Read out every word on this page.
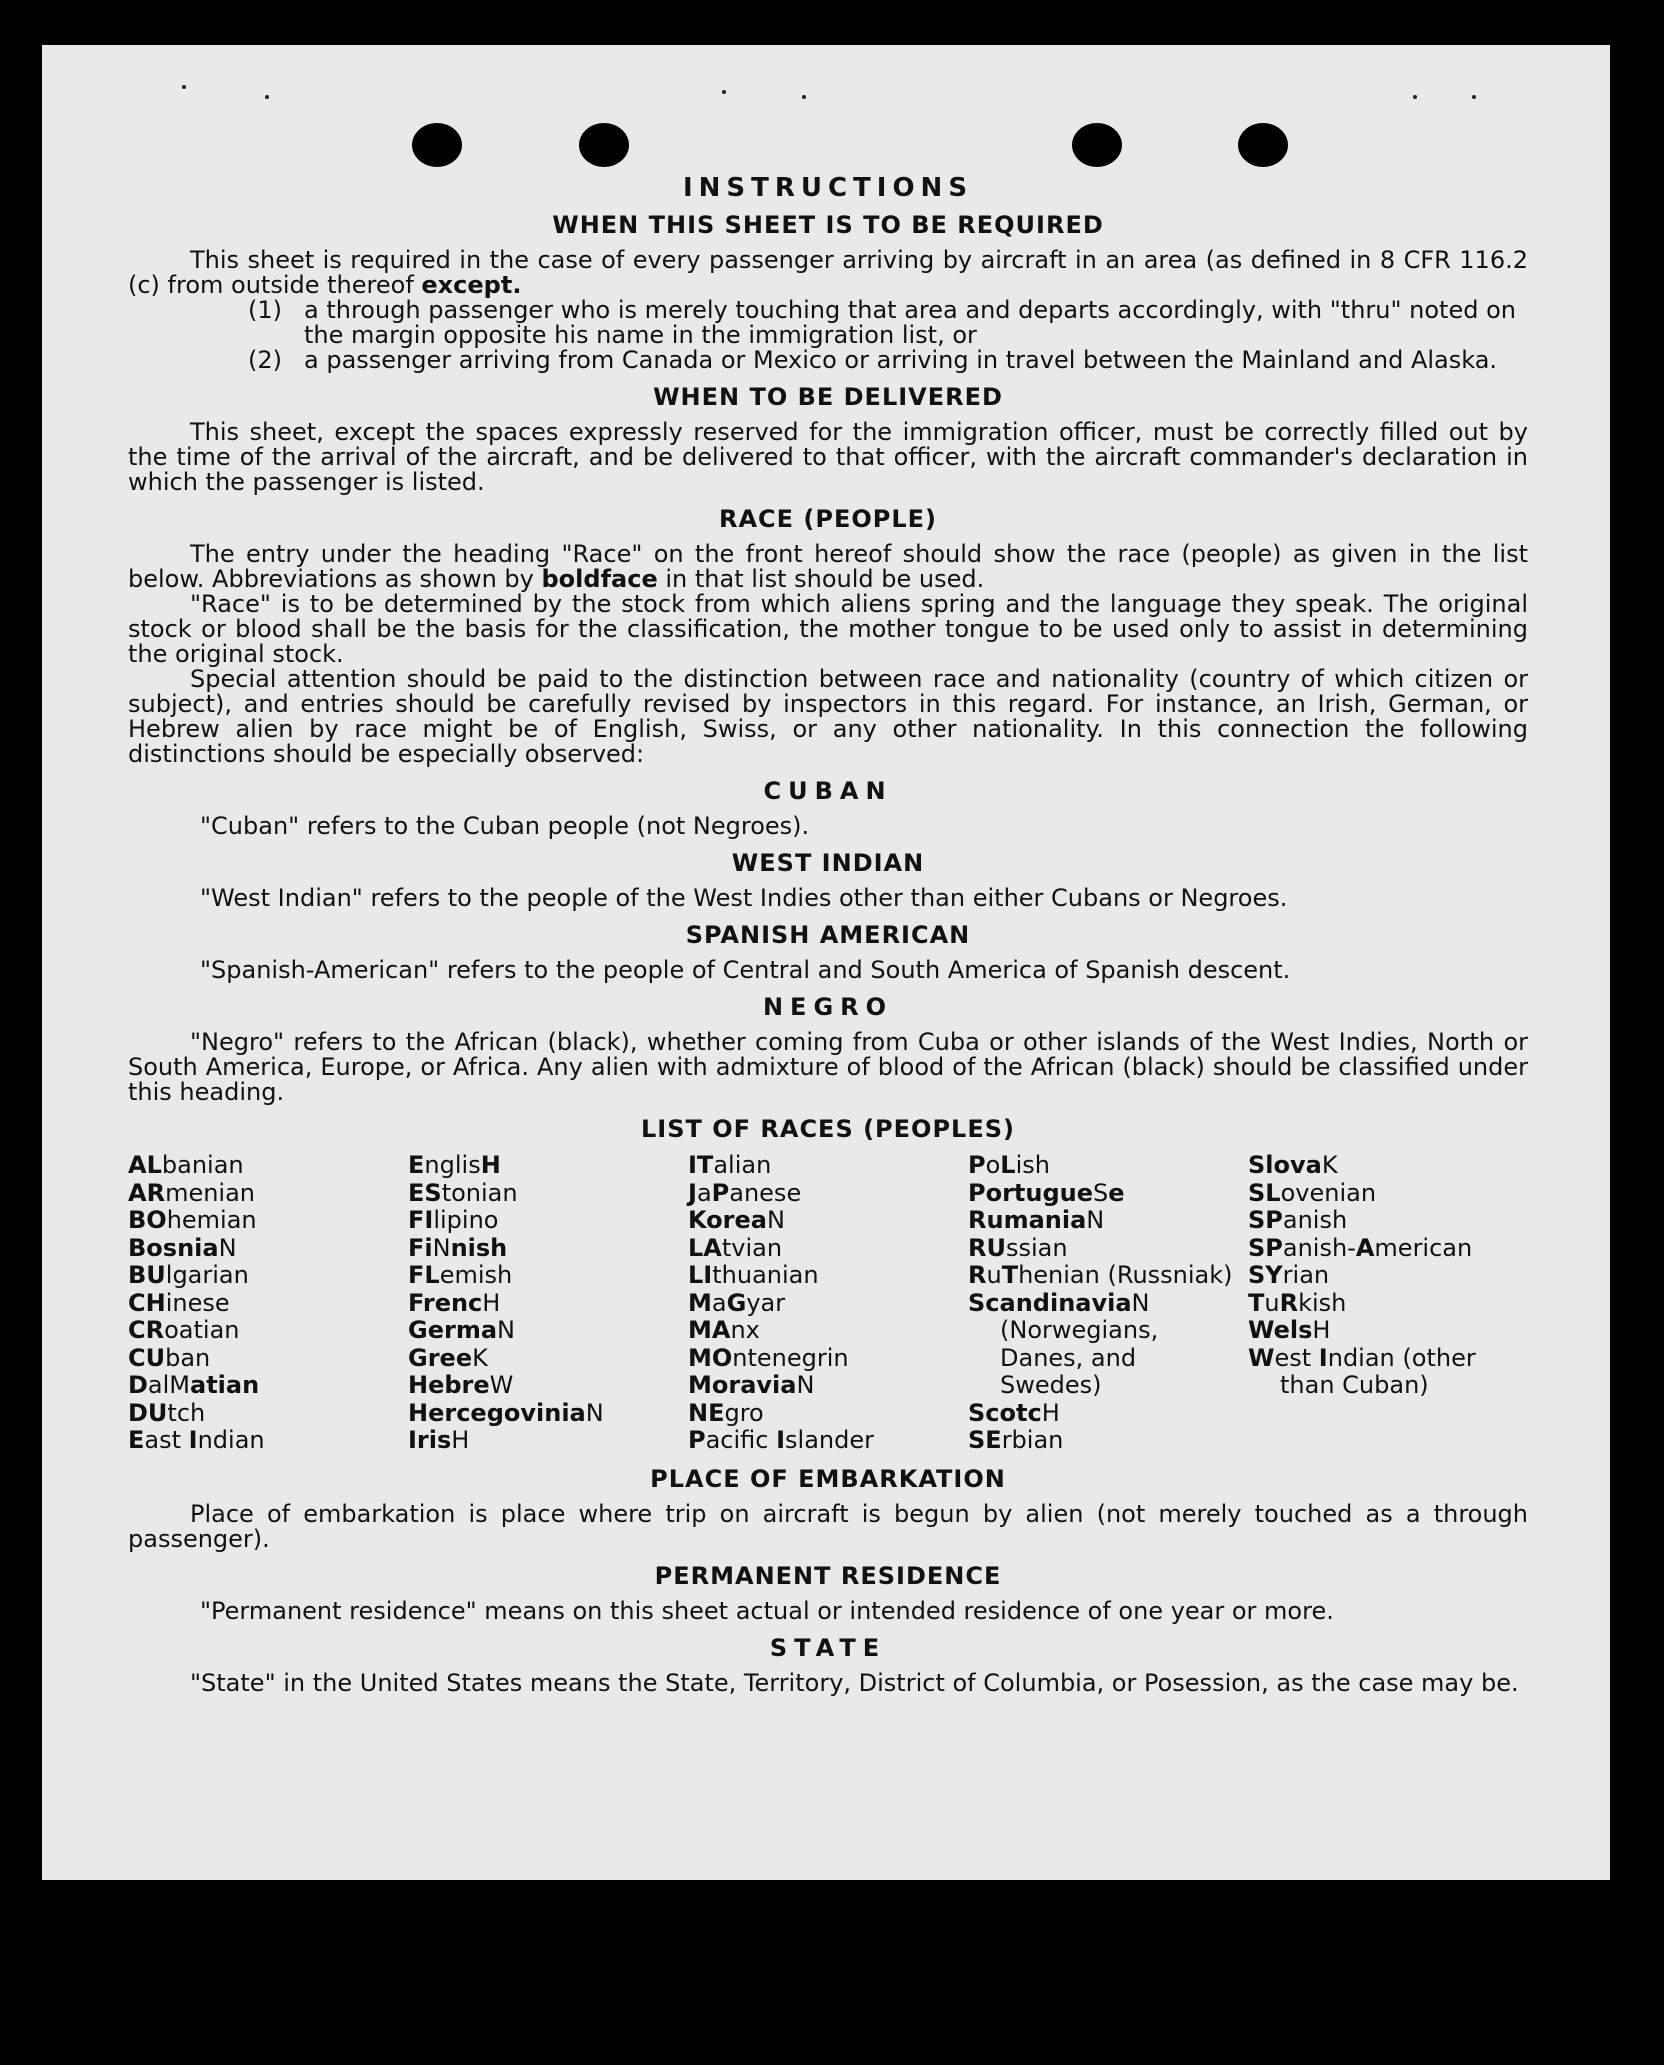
INSTRUCTIONS
WHEN THIS SHEET IS TO BE REQUIRED

This sheet is required in the case of every passenger arriving by aircraft in an area (as defined in 8 CFR 116.2 (c) from outside thereof except.

(1) a through passenger who is merely touching that area and departs accordingly, with "thru" noted on the margin opposite his name in the immigration list, or
(2) a passenger arriving from Canada or Mexico or arriving in travel between the Mainland and Alaska.
WHEN TO BE DELIVERED

This sheet, except the spaces expressly reserved for the immigration officer, must be correctly filled out by the time of the arrival of the aircraft, and be delivered to that officer, with the aircraft commander's declaration in which the passenger is listed.

RACE (PEOPLE)

The entry under the heading "Race" on the front hereof should show the race (people) as given in the list below. Abbreviations as shown by boldface in that list should be used.

"Race" is to be determined by the stock from which aliens spring and the language they speak. The original stock or blood shall be the basis for the classification, the mother tongue to be used only to assist in determining the original stock.

Special attention should be paid to the distinction between race and nationality (country of which citizen or subject), and entries should be carefully revised by inspectors in this regard. For instance, an Irish, German, or Hebrew alien by race might be of English, Swiss, or any other nationality. In this connection the following distinctions should be especially observed:

CUBAN

"Cuban" refers to the Cuban people (not Negroes).

WEST INDIAN

"West Indian" refers to the people of the West Indies other than either Cubans or Negroes.

SPANISH AMERICAN

"Spanish-American" refers to the people of Central and South America of Spanish descent.

NEGRO

"Negro" refers to the African (black), whether coming from Cuba or other islands of the West Indies, North or South America, Europe, or Africa. Any alien with admixture of blood of the African (black) should be classified under this heading.

LIST OF RACES (PEOPLES)
ALbanian
ARmenian
BOhemian
BosniaN
BUlgarian
CHinese
CRoatian
CUban
DalMatian
DUtch
East Indian
EnglisH
EStonian
FIlipino
FiNnish
FLemish
FrencH
GermaN
GreeK
HebreW
HercegoviniaN
IrisH
ITalian
JaPanese
KoreaN
LAtvian
LIthuanian
MaGyar
MAnx
MOntenegrin
MoraviaN
NEgro
Pacific Islander
PoLish
PortugueSe
RumaniaN
RUssian
RuThenian (Russniak)
ScandinaviaN
(Norwegians,
Danes, and
Swedes)
ScotcH
SErbian
SlovaK
SLovenian
SPanish
SPanish-American
SYrian
TuRkish
WelsH
West Indian (other
than Cuban)
PLACE OF EMBARKATION

Place of embarkation is place where trip on aircraft is begun by alien (not merely touched as a through passenger).

PERMANENT RESIDENCE

"Permanent residence" means on this sheet actual or intended residence of one year or more.

STATE

"State" in the United States means the State, Territory, District of Columbia, or Posession, as the case may be.
